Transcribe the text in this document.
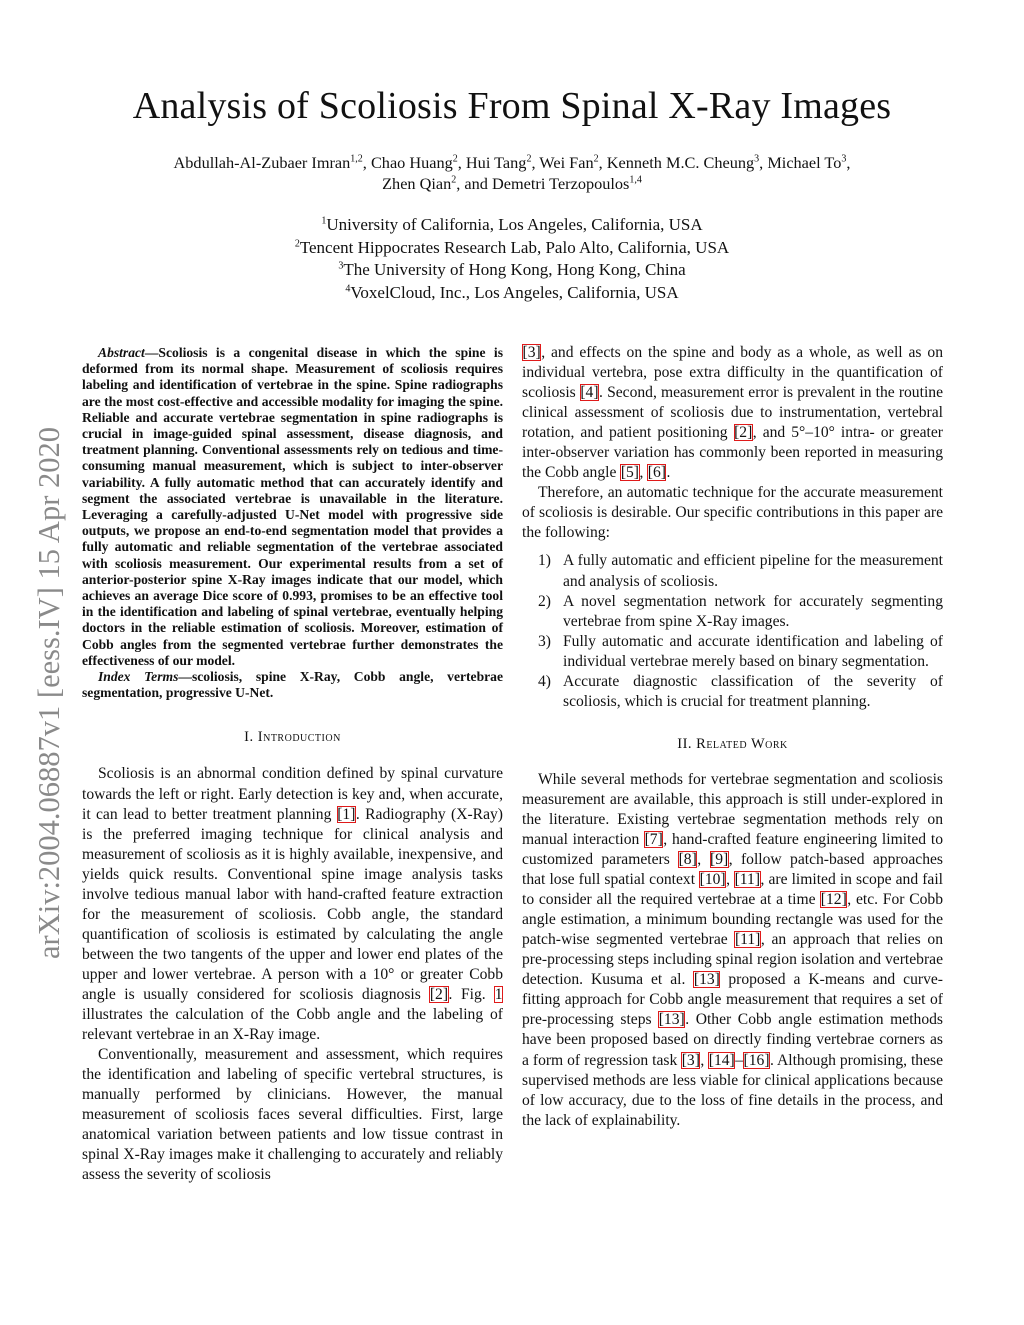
Analysis of Scoliosis From Spinal X-Ray Images
Abdullah-Al-Zubaer Imran$^{1,2}$, Chao Huang$^2$, Hui Tang$^2$, Wei Fan$^2$, Kenneth M.C. Cheung$^3$, Michael To$^3$,
Zhen Qian$^2$, and Demetri Terzopoulos$^{1,4}$
$^1$University of California, Los Angeles, California, USA
$^2$Tencent Hippocrates Research Lab, Palo Alto, California, USA
$^3$The University of Hong Kong, Hong Kong, China
$^4$VoxelCloud, Inc., Los Angeles, California, USA
arXiv:2004.06887v1 [eess.IV] 15 Apr 2020

Abstract—Scoliosis is a congenital disease in which the spine is deformed from its normal shape. Measurement of scoliosis requires labeling and identification of vertebrae in the spine. Spine radiographs are the most cost-effective and accessible modality for imaging the spine. Reliable and accurate vertebrae segmentation in spine radiographs is crucial in image-guided spinal assessment, disease diagnosis, and treatment planning. Conventional assessments rely on tedious and time-consuming manual measurement, which is subject to inter-observer variability. A fully automatic method that can accurately identify and segment the associated vertebrae is unavailable in the literature. Leveraging a carefully-adjusted U-Net model with progressive side outputs, we propose an end-to-end segmentation model that provides a fully automatic and reliable segmentation of the vertebrae associated with scoliosis measurement. Our experimental results from a set of anterior-posterior spine X-Ray images indicate that our model, which achieves an average Dice score of 0.993, promises to be an effective tool in the identification and labeling of spinal vertebrae, eventually helping doctors in the reliable estimation of scoliosis. Moreover, estimation of Cobb angles from the segmented vertebrae further demonstrates the effectiveness of our model.

Index Terms—scoliosis, spine X-Ray, Cobb angle, vertebrae segmentation, progressive U-Net.

I. Introduction

Scoliosis is an abnormal condition defined by spinal curvature towards the left or right. Early detection is key and, when accurate, it can lead to better treatment planning [1]. Radiography (X-Ray) is the preferred imaging technique for clinical analysis and measurement of scoliosis as it is highly available, inexpensive, and yields quick results. Conventional spine image analysis tasks involve tedious manual labor with hand-crafted feature extraction for the measurement of scoliosis. Cobb angle, the standard quantification of scoliosis is estimated by calculating the angle between the two tangents of the upper and lower end plates of the upper and lower vertebrae. A person with a 10° or greater Cobb angle is usually considered for scoliosis diagnosis [2]. Fig. 1 illustrates the calculation of the Cobb angle and the labeling of relevant vertebrae in an X-Ray image.

Conventionally, measurement and assessment, which requires the identification and labeling of specific vertebral structures, is manually performed by clinicians. However, the manual measurement of scoliosis faces several difficulties. First, large anatomical variation between patients and low tissue contrast in spinal X-Ray images make it challenging to accurately and reliably assess the severity of scoliosis

[3], and effects on the spine and body as a whole, as well as on individual vertebra, pose extra difficulty in the quantification of scoliosis [4]. Second, measurement error is prevalent in the routine clinical assessment of scoliosis due to instrumentation, vertebral rotation, and patient positioning [2], and 5°–10° intra- or greater inter-observer variation has commonly been reported in measuring the Cobb angle [5], [6].

Therefore, an automatic technique for the accurate measurement of scoliosis is desirable. Our specific contributions in this paper are the following:

1) A fully automatic and efficient pipeline for the measurement and analysis of scoliosis.
2) A novel segmentation network for accurately segmenting vertebrae from spine X-Ray images.
3) Fully automatic and accurate identification and labeling of individual vertebrae merely based on binary segmentation.
4) Accurate diagnostic classification of the severity of scoliosis, which is crucial for treatment planning.

II. Related Work

While several methods for vertebrae segmentation and scoliosis measurement are available, this approach is still under-explored in the literature. Existing vertebrae segmentation methods rely on manual interaction [7], hand-crafted feature engineering limited to customized parameters [8], [9], follow patch-based approaches that lose full spatial context [10], [11], are limited in scope and fail to consider all the required vertebrae at a time [12], etc. For Cobb angle estimation, a minimum bounding rectangle was used for the patch-wise segmented vertebrae [11], an approach that relies on pre-processing steps including spinal region isolation and vertebrae detection. Kusuma et al. [13] proposed a K-means and curve-fitting approach for Cobb angle measurement that requires a set of pre-processing steps [13]. Other Cobb angle estimation methods have been proposed based on directly finding vertebrae corners as a form of regression task [3], [14]–[16]. Although promising, these supervised methods are less viable for clinical applications because of low accuracy, due to the loss of fine details in the process, and the lack of explainability.
